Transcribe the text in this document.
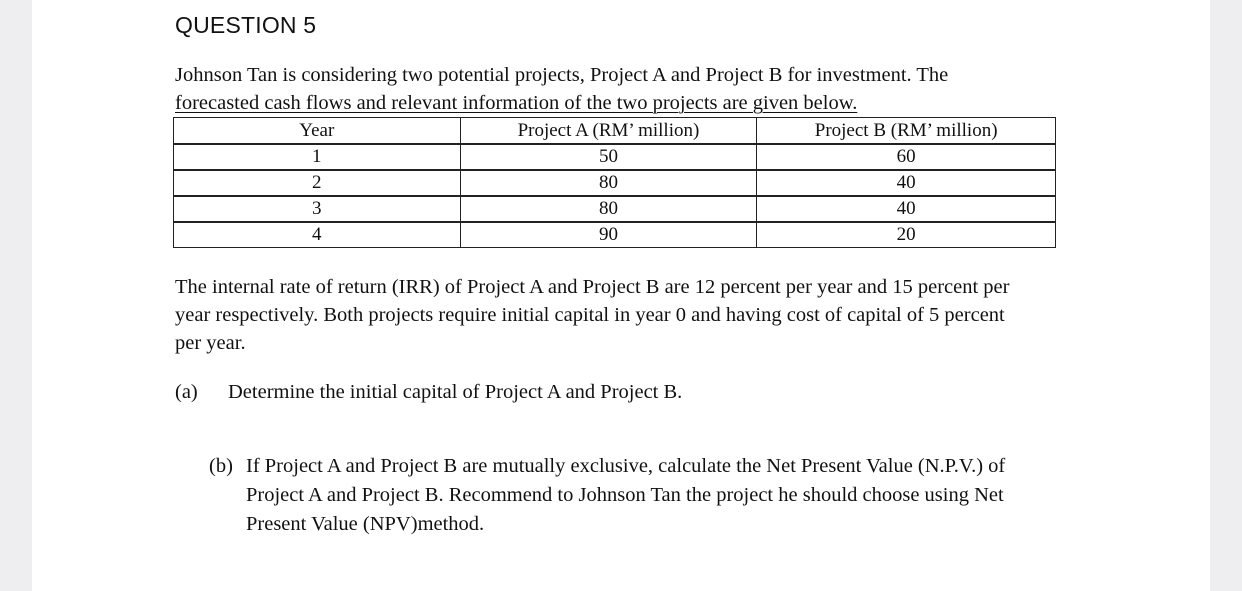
QUESTION 5

Johnson Tan is considering two potential projects, Project A and Project B for investment. The
forecasted cash flows and relevant information of the two projects are given below.

Year	Project A (RM’ million)	Project B (RM’ million)
1	50	60
2	80	40
3	80	40
4	90	20

The internal rate of return (IRR) of Project A and Project B are 12 percent per year and 15 percent per
year respectively. Both projects require initial capital in year 0 and having cost of capital of 5 percent
per year.

(a) Determine the initial capital of Project A and Project B.
(b) If Project A and Project B are mutually exclusive, calculate the Net Present Value (N.P.V.) of
Project A and Project B. Recommend to Johnson Tan the project he should choose using Net
Present Value (NPV)method.
